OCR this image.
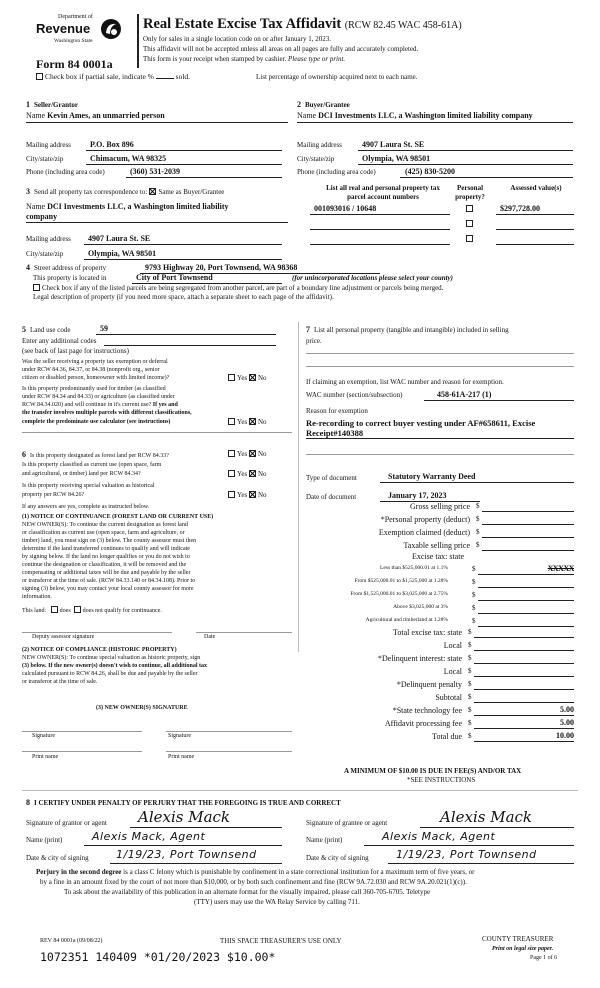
Department of
Revenue
Washington State
Form 84 0001a
Check box if partial sale, indicate %	sold.
Real Estate Excise Tax Affidavit (RCW 82.45 WAC 458-61A)
Only for sales in a single location code on or after January 1, 2023.
This affidavit will not be accepted unless all areas on all pages are fully and accurately completed.
This form is your receipt when stamped by cashier. Please type or print.
List percentage of ownership acquired next to each name.
1 Seller/Grantor
Name Kevin Ames, an unmarried person
Mailing address P.O. Box 896
City/state/zip	Chimacum, WA 98325
Phone (including area code)	(360) 531-2039
2 Buyer/Grantee
Name DCI Investments LLC, a Washington limited liability company
Mailing address	4907 Laura St. SE
City/state/zip	Olympia, WA 98501
Phone (including area code)	(425) 830-5200
3 Send all property tax correspondence to: Same as Buyer/Grantee
Name DCI Investments LLC, a Washington limited liability
company
Mailing address 4907 Laura St. SE
City/state/zip	Olympia, WA 98501
List all real and personal property tax parcel account numbers
Personal property?
Assessed value(s)
001093016 / 10648	$297,728.00
4 Street address of property	9793 Highway 20, Port Townsend, WA 98368
This property is located in	City of Port Townsend	(for unincorporated locations please select your county)
Check box if any of the listed parcels are being segregated from another parcel, are part of a boundary line adjustment or parcels being merged.
Legal description of property (if you need more space, attach a separate sheet to each page of the affidavit).
5 Land use code	59
Enter any additional codes
(see back of last page for instructions)
Was the seller receiving a property tax exemption or deferral
under RCW 84.36, 84.37, or 84.38 (nonprofit org., senior
citizen or disabled person, homeowner with limited income)?	Yes No
Is this property predominantly used for timber (as classified
under RCW 84.34 and 84.33) or agriculture (as classified under
RCW 84.34.020) and will continue in it's current use? If yes and
the transfer involves multiple parcels with different classifications,
complete the predominate use calculator (see instructions)	Yes No
6 Is this property designated as forest land per RCW 84.33?	Yes No
Is this property classified as current use (open space, farm
and agricultural, or timber) land per RCW 84.34?	Yes No
Is this property receiving special valuation as historical
property per RCW 84.26?	Yes No
If any answers are yes, complete as instructed below.
(1) NOTICE OF CONTINUANCE (FOREST LAND OR CURRENT USE)
NEW OWNER(S): To continue the current designation as forest land
or classification as current use (open space, farm and agriculture, or
timber) land, you must sign on (3) below. The county assessor must then
determine if the land transferred continues to qualify and will indicate
by signing below. If the land no longer qualifies or you do not wish to
continue the designation or classification, it will be removed and the
compensating or additional taxes will be due and payable by the seller
or transferor at the time of sale. (RCW 84.33.140 or 84.34.108). Prior to
signing (3) below, you may contact your local county assessor for more
information.
This land: does does not qualify for continuance.
Deputy assessor signature	Date
(2) NOTICE OF COMPLIANCE (HISTORIC PROPERTY)
NEW OWNER(S): To continue special valuation as historic property, sign
(3) below. If the new owner(s) doesn't wish to continue, all additional tax
calculated pursuant to RCW 84.26, shall be due and payable by the seller
or transferor at the time of sale.
(3) NEW OWNER(S) SIGNATURE
Signature	Signature
Print name	Print name
7 List all personal property (tangible and intangible) included in selling
price.
If claiming an exemption, list WAC number and reason for exemption.
WAC number (section/subsection)	458-61A-217 (1)
Reason for exemption
Re-recording to correct buyer vesting under AF#658611, Excise
Receipt#140388
Type of document	Statutory Warranty Deed
Date of document	January 17, 2023
Gross selling price $
*Personal property (deduct) $
Exemption claimed (deduct) $
Taxable selling price $
Excise tax: state
Less than $525,000.01 at 1.1%	$	XXXXX
From $525,000.01 to $1,525,000 at 1.28%	$
From $1,525,000.01 to $3,025,000 at 2.75%	$
Above $3,025,000 at 3%	$
Agricultural and timberland at 1.28%	$
Total excise tax: state $
Local $
*Delinquent interest: state $
Local $
*Delinquent penalty $
Subtotal $
*State technology fee $	5.00
Affidavit processing fee $	5.00
Total due $	10.00
A MINIMUM OF $10.00 IS DUE IN FEE(S) AND/OR TAX
*SEE INSTRUCTIONS
8 I CERTIFY UNDER PENALTY OF PERJURY THAT THE FOREGOING IS TRUE AND CORRECT
Signature of grantor or agent Alexis Mack
Name (print)	Alexis Mack, Agent
Date & city of signing 1/19/23, Port Townsend
Signature of grantee or agent	Alexis Mack
Name (print)	Alexis Mack, Agent
Date & city of signing 1/19/23, Port Townsend
Perjury in the second degree is a class C felony which is punishable by confinement in a state correctional institution for a maximum term of five years, or
by a fine in an amount fixed by the court of not more than $10,000, or by both such confinement and fine (RCW 9A.72.030 and RCW 9A.20.021(1)(c)).
To ask about the availability of this publication in an alternate format for the visually impaired, please call 360-705-6705. Teletype
(TTY) users may use the WA Relay Service by calling 711.
REV 84 0001a (09/08/22)	THIS SPACE TREASURER'S USE ONLY	COUNTY TREASURER
Print on legal size paper.
Page 1 of 6
1072351 140409 *01/20/2023 $10.00*
